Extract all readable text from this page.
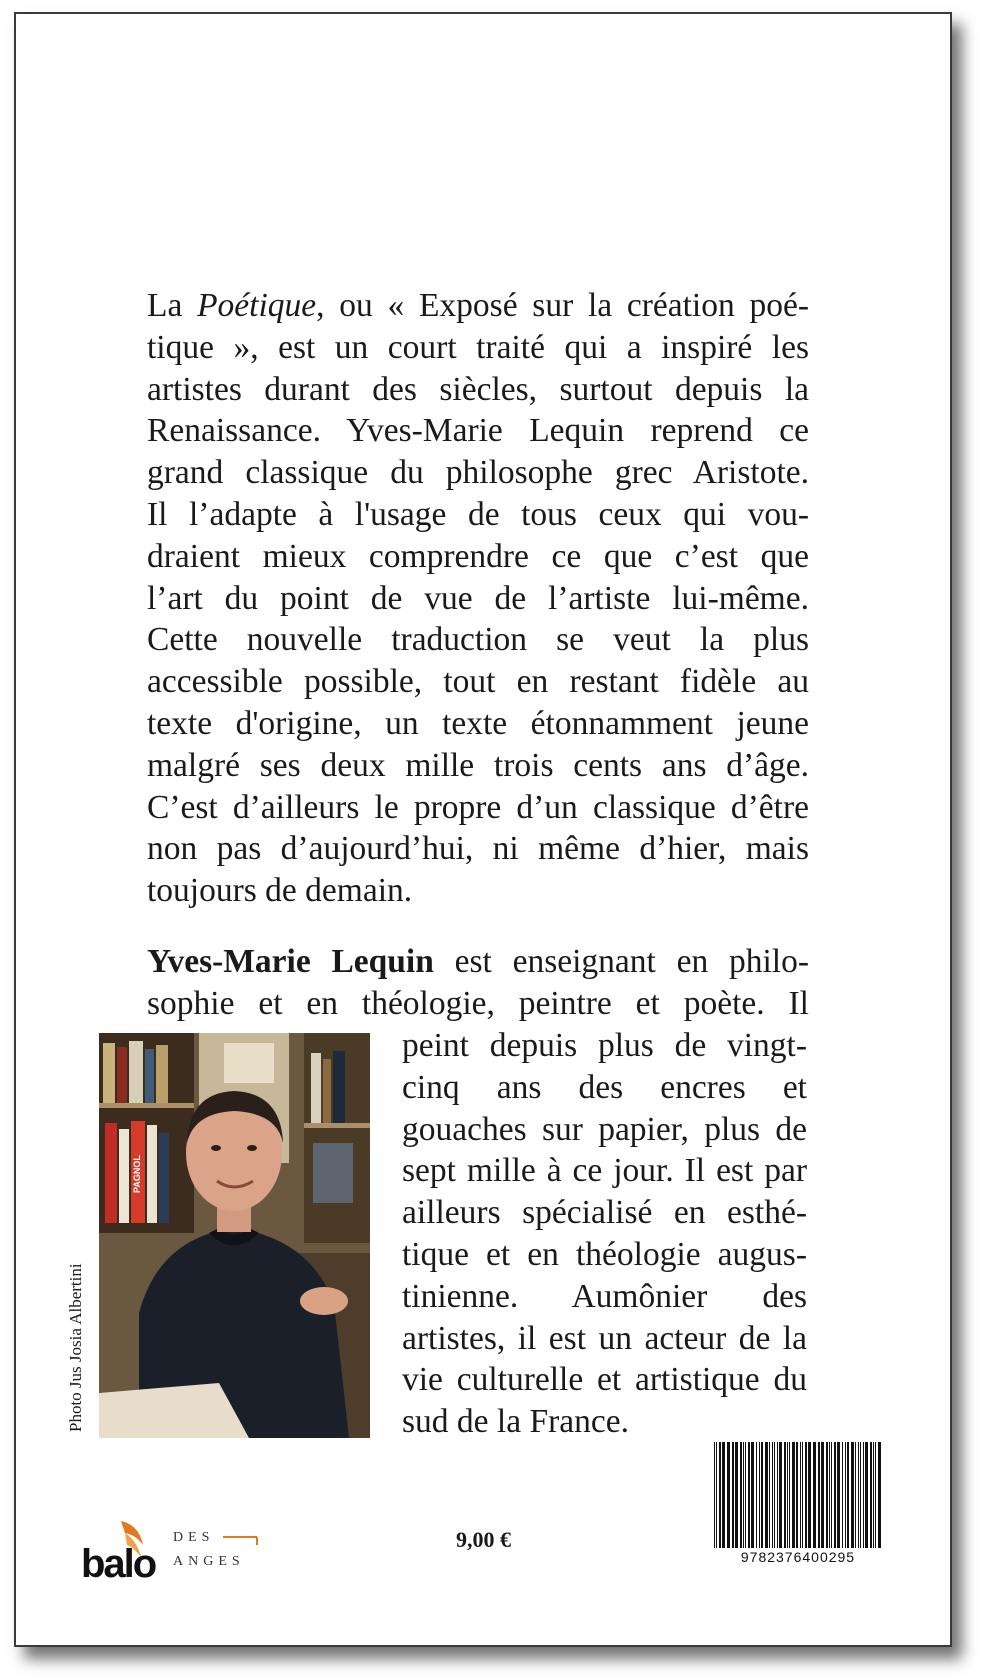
La Poétique, ou « Exposé sur la création poé-
tique », est un court traité qui a inspiré les
artistes durant des siècles, surtout depuis la
Renaissance. Yves-Marie Lequin reprend ce
grand classique du philosophe grec Aristote.
Il l’adapte à l'usage de tous ceux qui vou-
draient mieux comprendre ce que c’est que
l’art du point de vue de l’artiste lui-même.
Cette nouvelle traduction se veut la plus
accessible possible, tout en restant fidèle au
texte d'origine, un texte étonnamment jeune
malgré ses deux mille trois cents ans d’âge.
C’est d’ailleurs le propre d’un classique d’être
non pas d’aujourd’hui, ni même d’hier, mais
toujours de demain.
Yves-Marie Lequin est enseignant en philo-
sophie et en théologie, peintre et poète. Il
peint depuis plus de vingt-
cinq ans des encres et
gouaches sur papier, plus de
sept mille à ce jour. Il est par
ailleurs spécialisé en esthé-
tique et en théologie augus-
tinienne. Aumônier des
artistes, il est un acteur de la
vie culturelle et artistique du
sud de la France.
PAGNOL
Photo Jus Josia Albertini
balo
DES
ANGES
9,00 €
9782376400295
